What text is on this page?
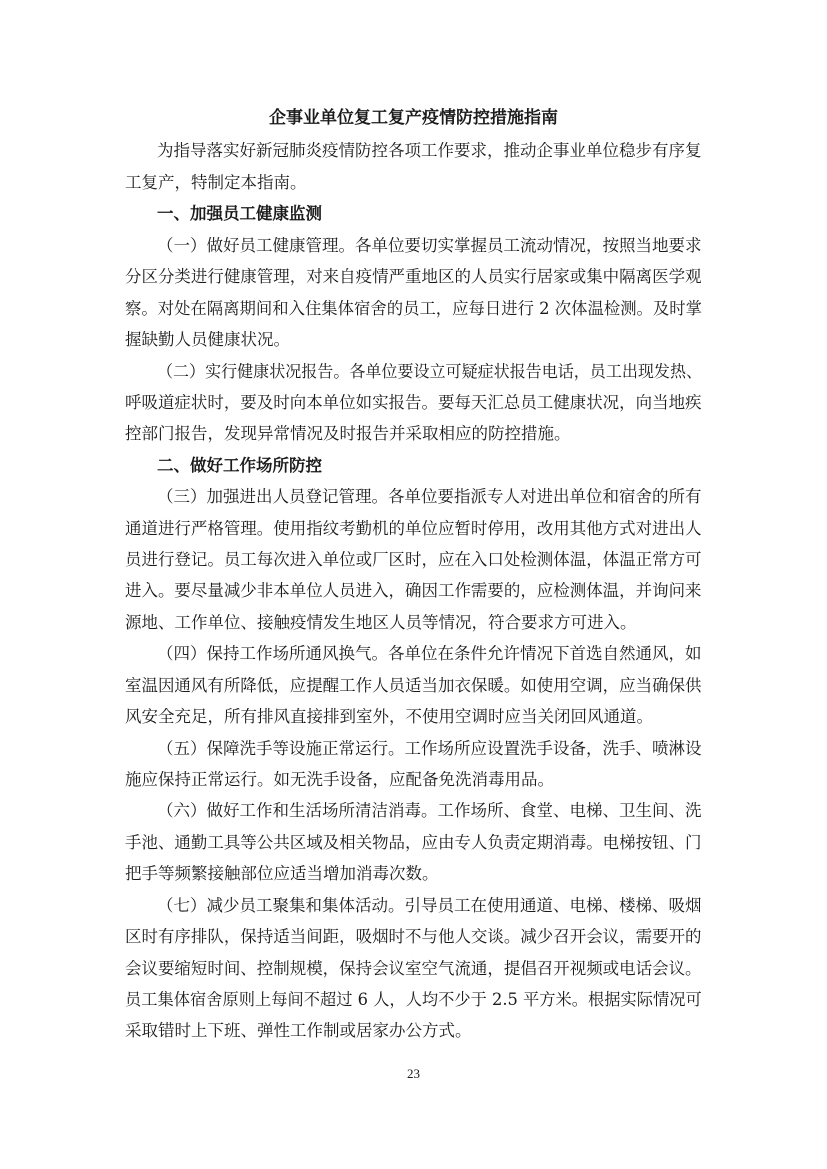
企事业单位复工复产疫情防控措施指南
为指导落实好新冠肺炎疫情防控各项工作要求，推动企事业单位稳步有序复
工复产，特制定本指南。
一、加强员工健康监测
（一）做好员工健康管理。各单位要切实掌握员工流动情况，按照当地要求
分区分类进行健康管理，对来自疫情严重地区的人员实行居家或集中隔离医学观
察。对处在隔离期间和入住集体宿舍的员工，应每日进行 2 次体温检测。及时掌
握缺勤人员健康状况。
（二）实行健康状况报告。各单位要设立可疑症状报告电话，员工出现发热、
呼吸道症状时，要及时向本单位如实报告。要每天汇总员工健康状况，向当地疾
控部门报告，发现异常情况及时报告并采取相应的防控措施。
二、做好工作场所防控
（三）加强进出人员登记管理。各单位要指派专人对进出单位和宿舍的所有
通道进行严格管理。使用指纹考勤机的单位应暂时停用，改用其他方式对进出人
员进行登记。员工每次进入单位或厂区时，应在入口处检测体温，体温正常方可
进入。要尽量减少非本单位人员进入，确因工作需要的，应检测体温，并询问来
源地、工作单位、接触疫情发生地区人员等情况，符合要求方可进入。
（四）保持工作场所通风换气。各单位在条件允许情况下首选自然通风，如
室温因通风有所降低，应提醒工作人员适当加衣保暖。如使用空调，应当确保供
风安全充足，所有排风直接排到室外，不使用空调时应当关闭回风通道。
（五）保障洗手等设施正常运行。工作场所应设置洗手设备，洗手、喷淋设
施应保持正常运行。如无洗手设备，应配备免洗消毒用品。
（六）做好工作和生活场所清洁消毒。工作场所、食堂、电梯、卫生间、洗
手池、通勤工具等公共区域及相关物品，应由专人负责定期消毒。电梯按钮、门
把手等频繁接触部位应适当增加消毒次数。
（七）减少员工聚集和集体活动。引导员工在使用通道、电梯、楼梯、吸烟
区时有序排队，保持适当间距，吸烟时不与他人交谈。减少召开会议，需要开的
会议要缩短时间、控制规模，保持会议室空气流通，提倡召开视频或电话会议。
员工集体宿舍原则上每间不超过 6 人，人均不少于 2.5 平方米。根据实际情况可
采取错时上下班、弹性工作制或居家办公方式。
23
